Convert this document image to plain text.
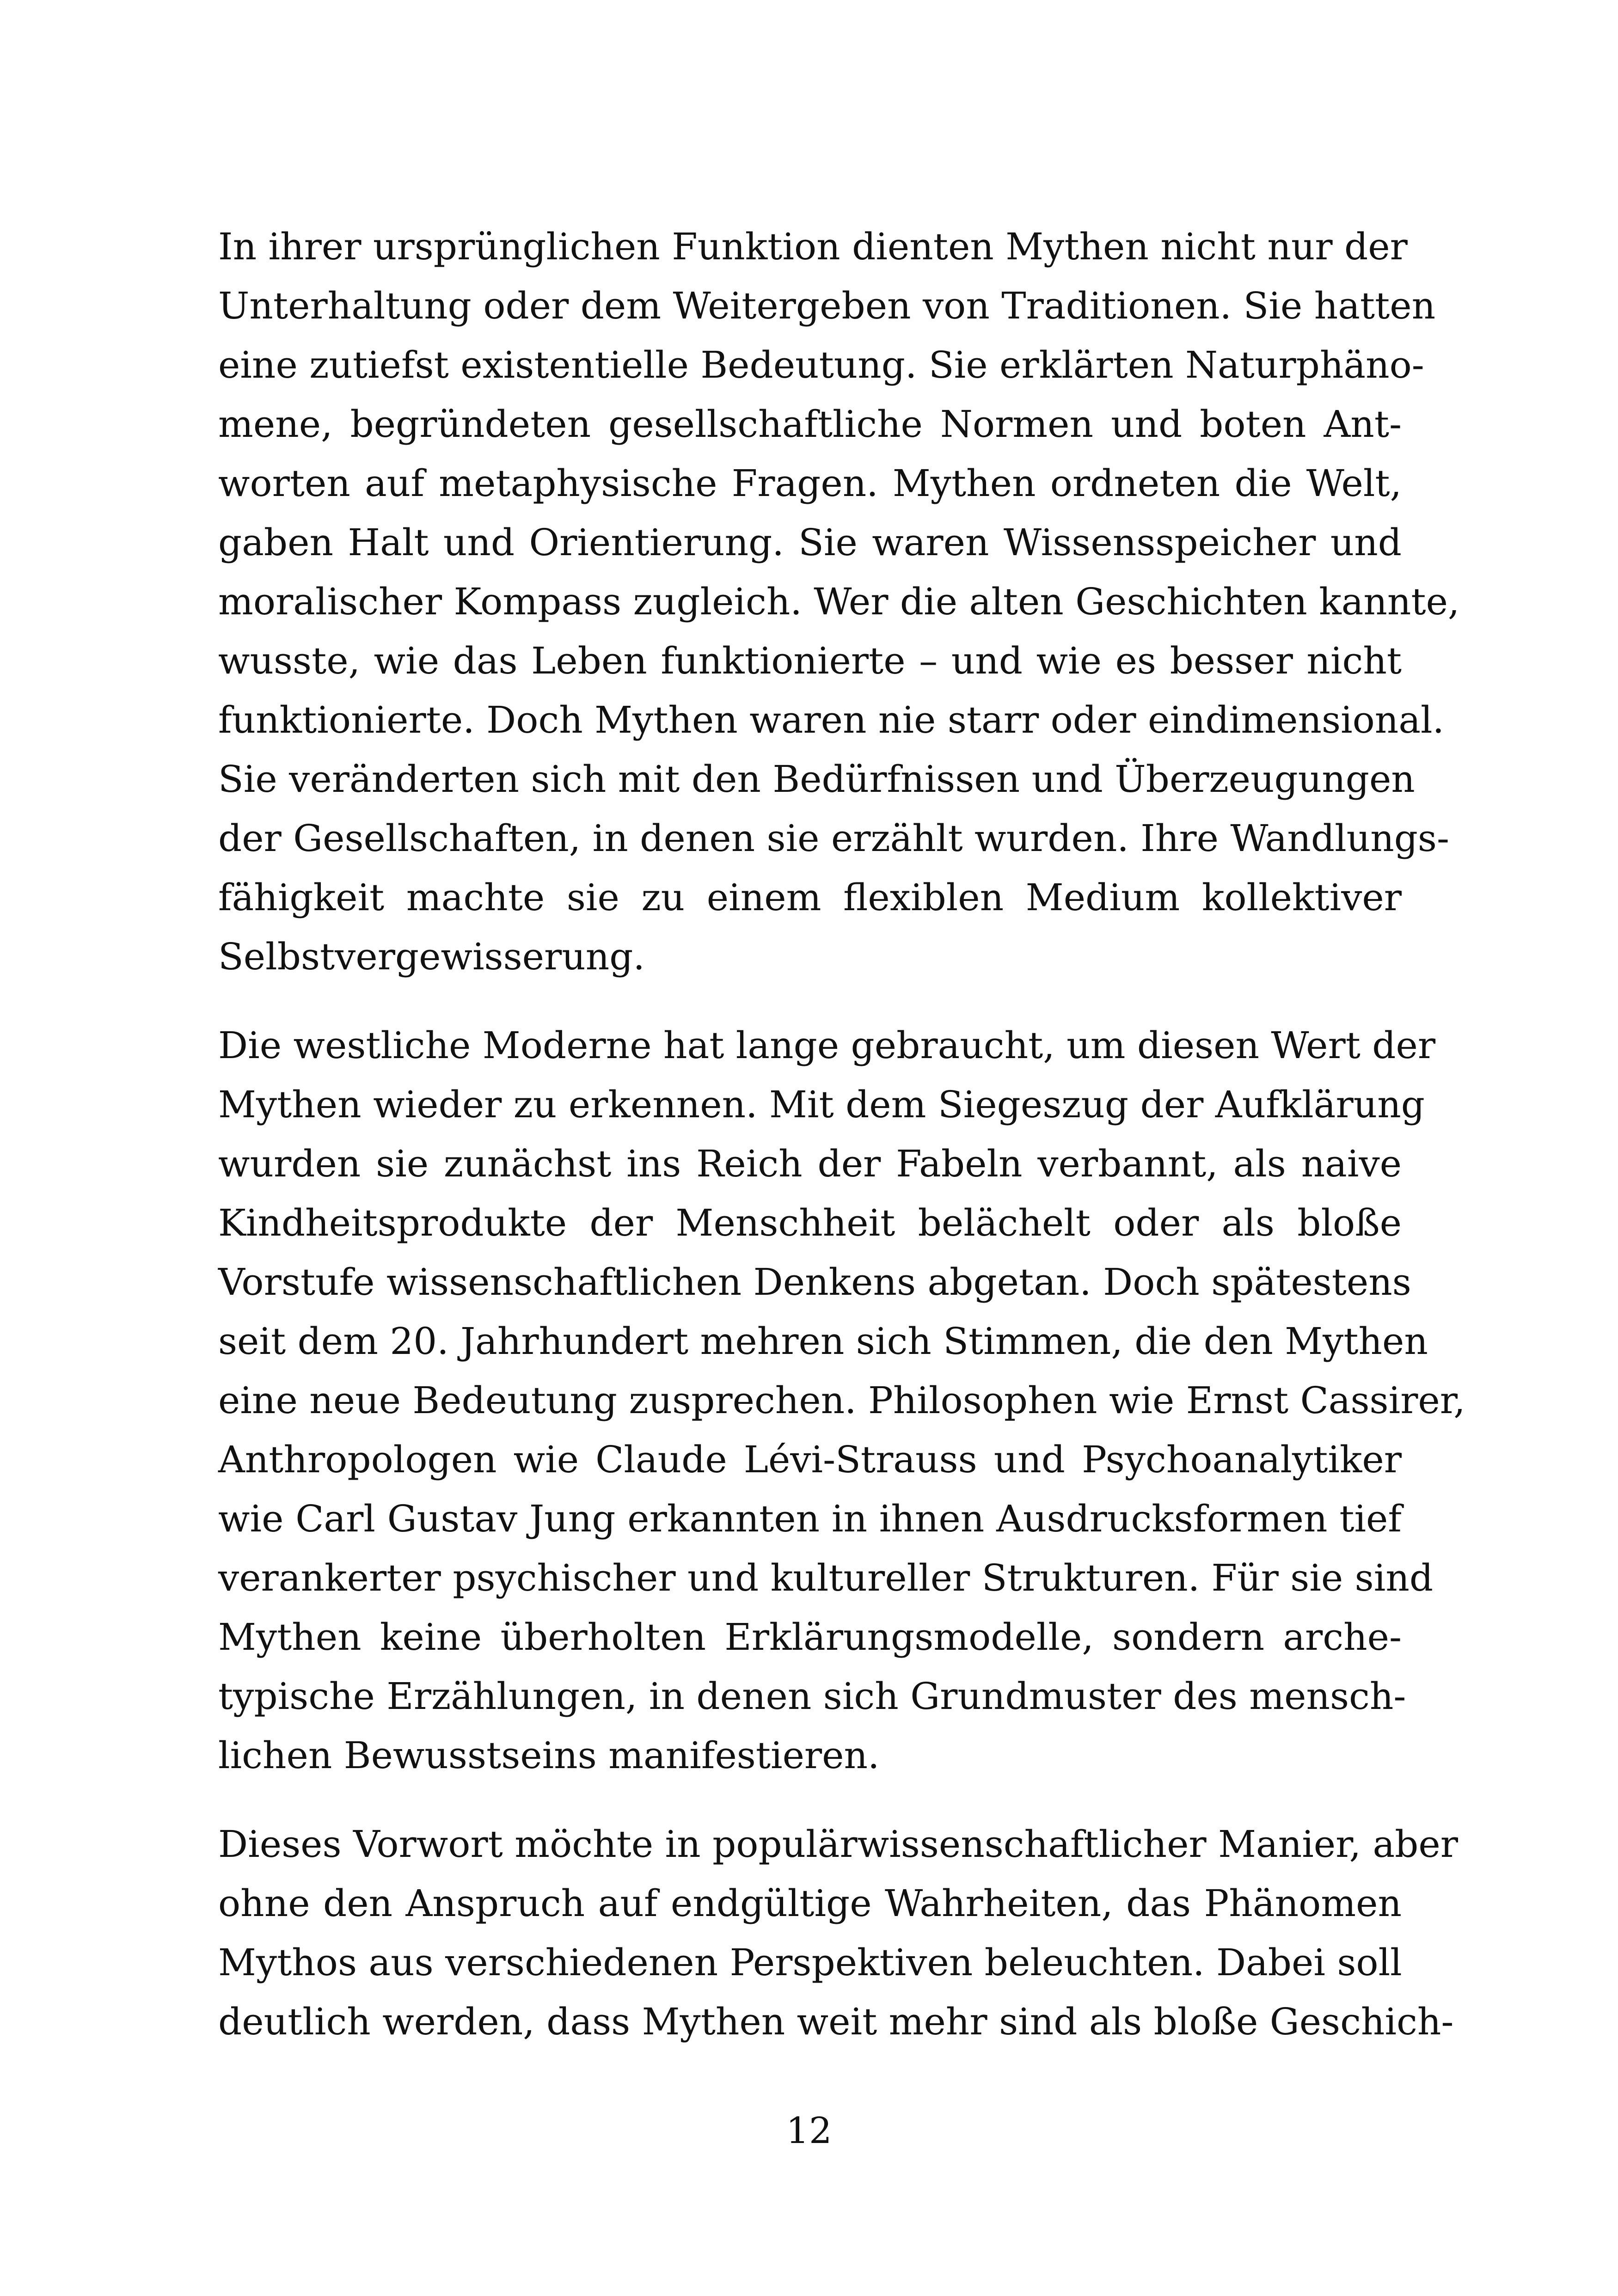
In ihrer ursprünglichen Funktion dienten Mythen nicht nur der
Unterhaltung oder dem Weitergeben von Traditionen. Sie hatten
eine zutiefst existentielle Bedeutung. Sie erklärten Naturphäno-
mene, begründeten gesellschaftliche Normen und boten Ant-
worten auf metaphysische Fragen. Mythen ordneten die Welt,
gaben Halt und Orientierung. Sie waren Wissensspeicher und
moralischer Kompass zugleich. Wer die alten Geschichten kannte,
wusste, wie das Leben funktionierte – und wie es besser nicht
funktionierte. Doch Mythen waren nie starr oder eindimensional.
Sie veränderten sich mit den Bedürfnissen und Überzeugungen
der Gesellschaften, in denen sie erzählt wurden. Ihre Wandlungs-
fähigkeit machte sie zu einem flexiblen Medium kollektiver
Selbstvergewisserung.

Die westliche Moderne hat lange gebraucht, um diesen Wert der
Mythen wieder zu erkennen. Mit dem Siegeszug der Aufklärung
wurden sie zunächst ins Reich der Fabeln verbannt, als naive
Kindheitsprodukte der Menschheit belächelt oder als bloße
Vorstufe wissenschaftlichen Denkens abgetan. Doch spätestens
seit dem 20. Jahrhundert mehren sich Stimmen, die den Mythen
eine neue Bedeutung zusprechen. Philosophen wie Ernst Cassirer,
Anthropologen wie Claude Lévi-Strauss und Psychoanalytiker
wie Carl Gustav Jung erkannten in ihnen Ausdrucksformen tief
verankerter psychischer und kultureller Strukturen. Für sie sind
Mythen keine überholten Erklärungsmodelle, sondern arche-
typische Erzählungen, in denen sich Grundmuster des mensch-
lichen Bewusstseins manifestieren.

Dieses Vorwort möchte in populärwissenschaftlicher Manier, aber
ohne den Anspruch auf endgültige Wahrheiten, das Phänomen
Mythos aus verschiedenen Perspektiven beleuchten. Dabei soll
deutlich werden, dass Mythen weit mehr sind als bloße Geschich-

12
